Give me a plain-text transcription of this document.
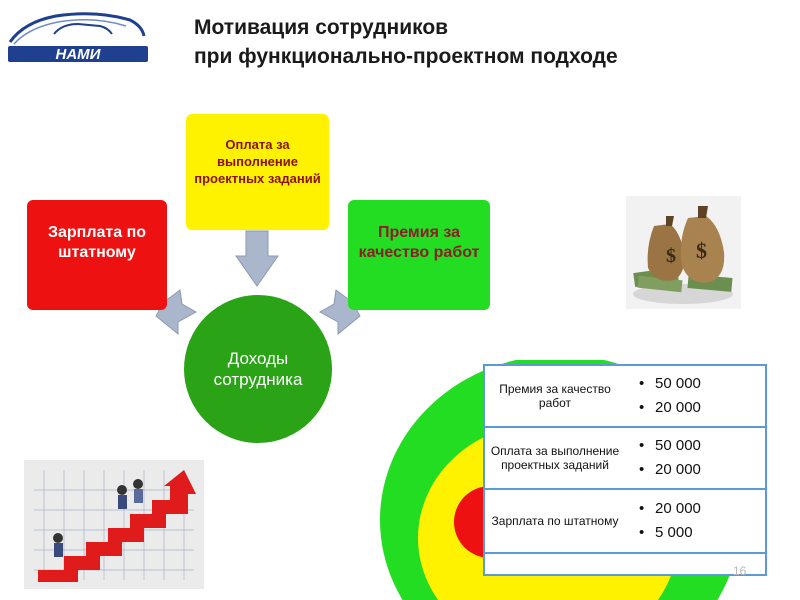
НАМИ
Мотивация сотрудников
при функционально-проектном подходе
Зарплата по штатному
Оплата за выполнение проектных заданий
Премия за качество работ
Доходы сотрудника
$ $
Премия за качество работ
• 50 000
• 20 000
Оплата за выполнение проектных заданий
• 50 000
• 20 000
Зарплата по штатному
• 20 000
• 5 000
16
